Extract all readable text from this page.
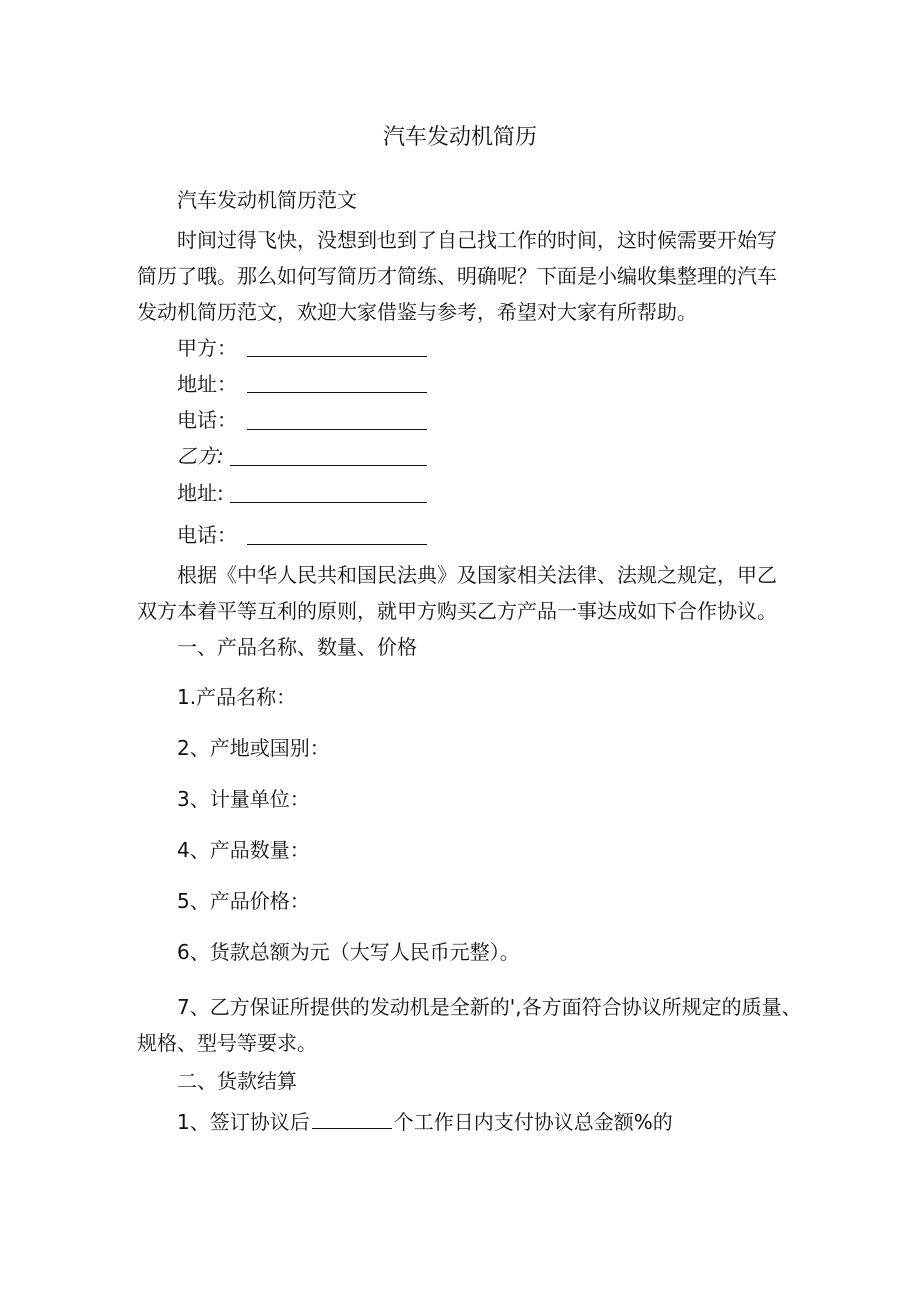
汽车发动机简历
汽车发动机简历范文
时间过得飞快，没想到也到了自己找工作的时间，这时候需要开始写
简历了哦。那么如何写简历才简练、明确呢？下面是小编收集整理的汽车
发动机简历范文，欢迎大家借鉴与参考，希望对大家有所帮助。
甲方：
地址：
电话：
乙方:
地址:
电话：
根据《中华人民共和国民法典》及国家相关法律、法规之规定，甲乙
双方本着平等互利的原则，就甲方购买乙方产品一事达成如下合作协议。
一、产品名称、数量、价格
1.产品名称：
2、产地或国别：
3、计量单位：
4、产品数量：
5、产品价格：
6、货款总额为元（大写人民币元整）。
7、乙方保证所提供的发动机是全新的',各方面符合协议所规定的质量、
规格、型号等要求。
二、货款结算
1、签订协议后	个工作日内支付协议总金额%的
